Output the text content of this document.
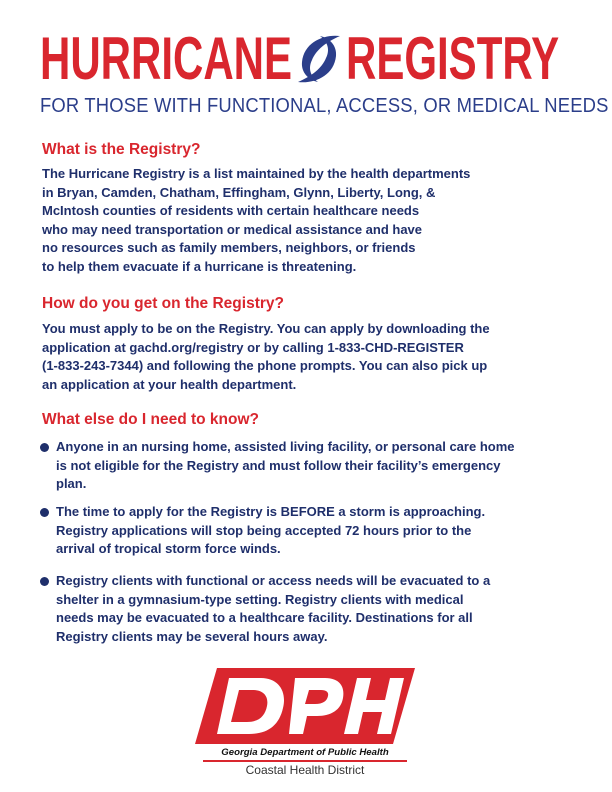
HURRICANE REGISTRY
FOR THOSE WITH FUNCTIONAL, ACCESS, OR MEDICAL NEEDS
What is the Registry?
The Hurricane Registry is a list maintained by the health departments
in Bryan, Camden, Chatham, Effingham, Glynn, Liberty, Long, &
McIntosh counties of residents with certain healthcare needs
who may need transportation or medical assistance and have
no resources such as family members, neighbors, or friends
to help them evacuate if a hurricane is threatening.
How do you get on the Registry?
You must apply to be on the Registry. You can apply by downloading the
application at gachd.org/registry or by calling 1-833-CHD-REGISTER
(1-833-243-7344) and following the phone prompts. You can also pick up
an application at your health department.
What else do I need to know?
Anyone in an nursing home, assisted living facility, or personal care home
is not eligible for the Registry and must follow their facility’s emergency
plan.
The time to apply for the Registry is BEFORE a storm is approaching.
Registry applications will stop being accepted 72 hours prior to the
arrival of tropical storm force winds.
Registry clients with functional or access needs will be evacuated to a
shelter in a gymnasium-type setting. Registry clients with medical
needs may be evacuated to a healthcare facility. Destinations for all
Registry clients may be several hours away.
Georgia Department of Public Health
Coastal Health District
